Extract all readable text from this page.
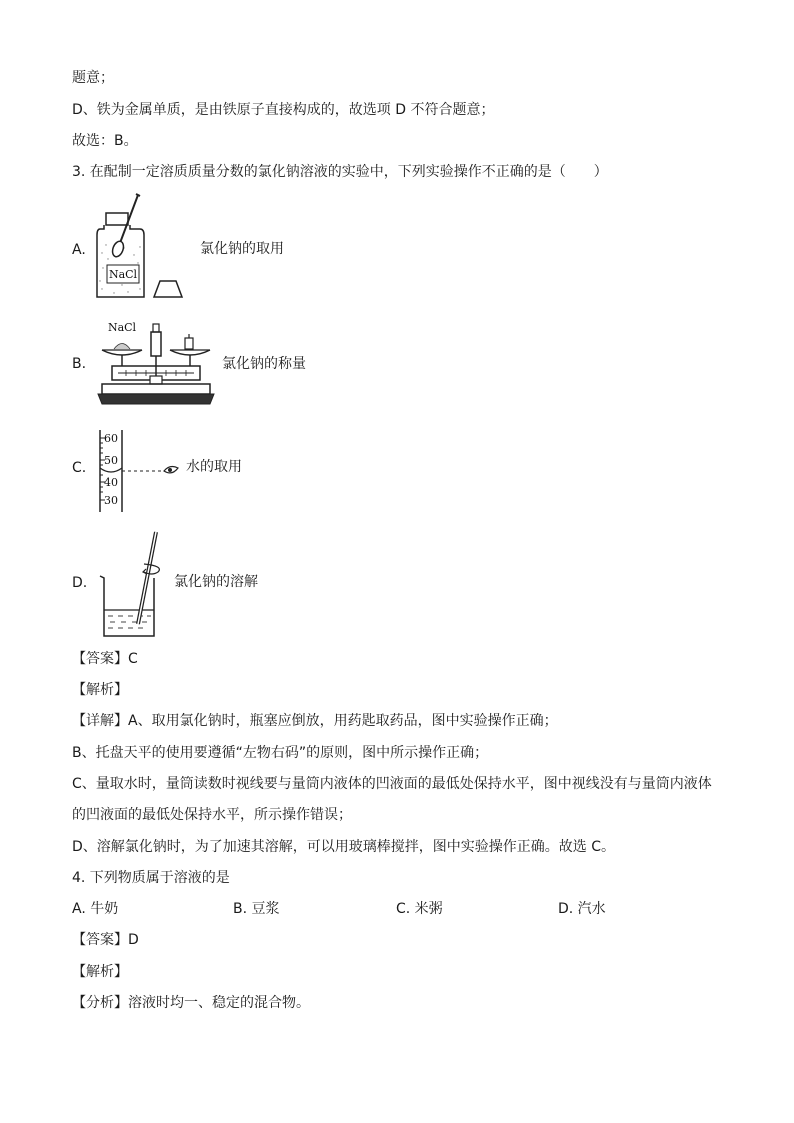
题意；
D、铁为金属单质，是由铁原子直接构成的，故选项 D 不符合题意；
故选：B。
3. 在配制一定溶质质量分数的氯化钠溶液的实验中，下列实验操作不正确的是（　　）
A.
NaCl
氯化钠的取用
B.
NaCl
氯化钠的称量
C.
60
50
40
30
水的取用
D.	氯化钠的溶解
【答案】C
【解析】
【详解】A、取用氯化钠时，瓶塞应倒放，用药匙取药品，图中实验操作正确；
B、托盘天平的使用要遵循“左物右码”的原则，图中所示操作正确；
C、量取水时，量筒读数时视线要与量筒内液体的凹液面的最低处保持水平，图中视线没有与量筒内液体
的凹液面的最低处保持水平，所示操作错误；
D、溶解氯化钠时，为了加速其溶解，可以用玻璃棒搅拌，图中实验操作正确。故选 C。
4. 下列物质属于溶液的是
A. 牛奶	B. 豆浆	C. 米粥	D. 汽水
【答案】D
【解析】
【分析】溶液时均一、稳定的混合物。
